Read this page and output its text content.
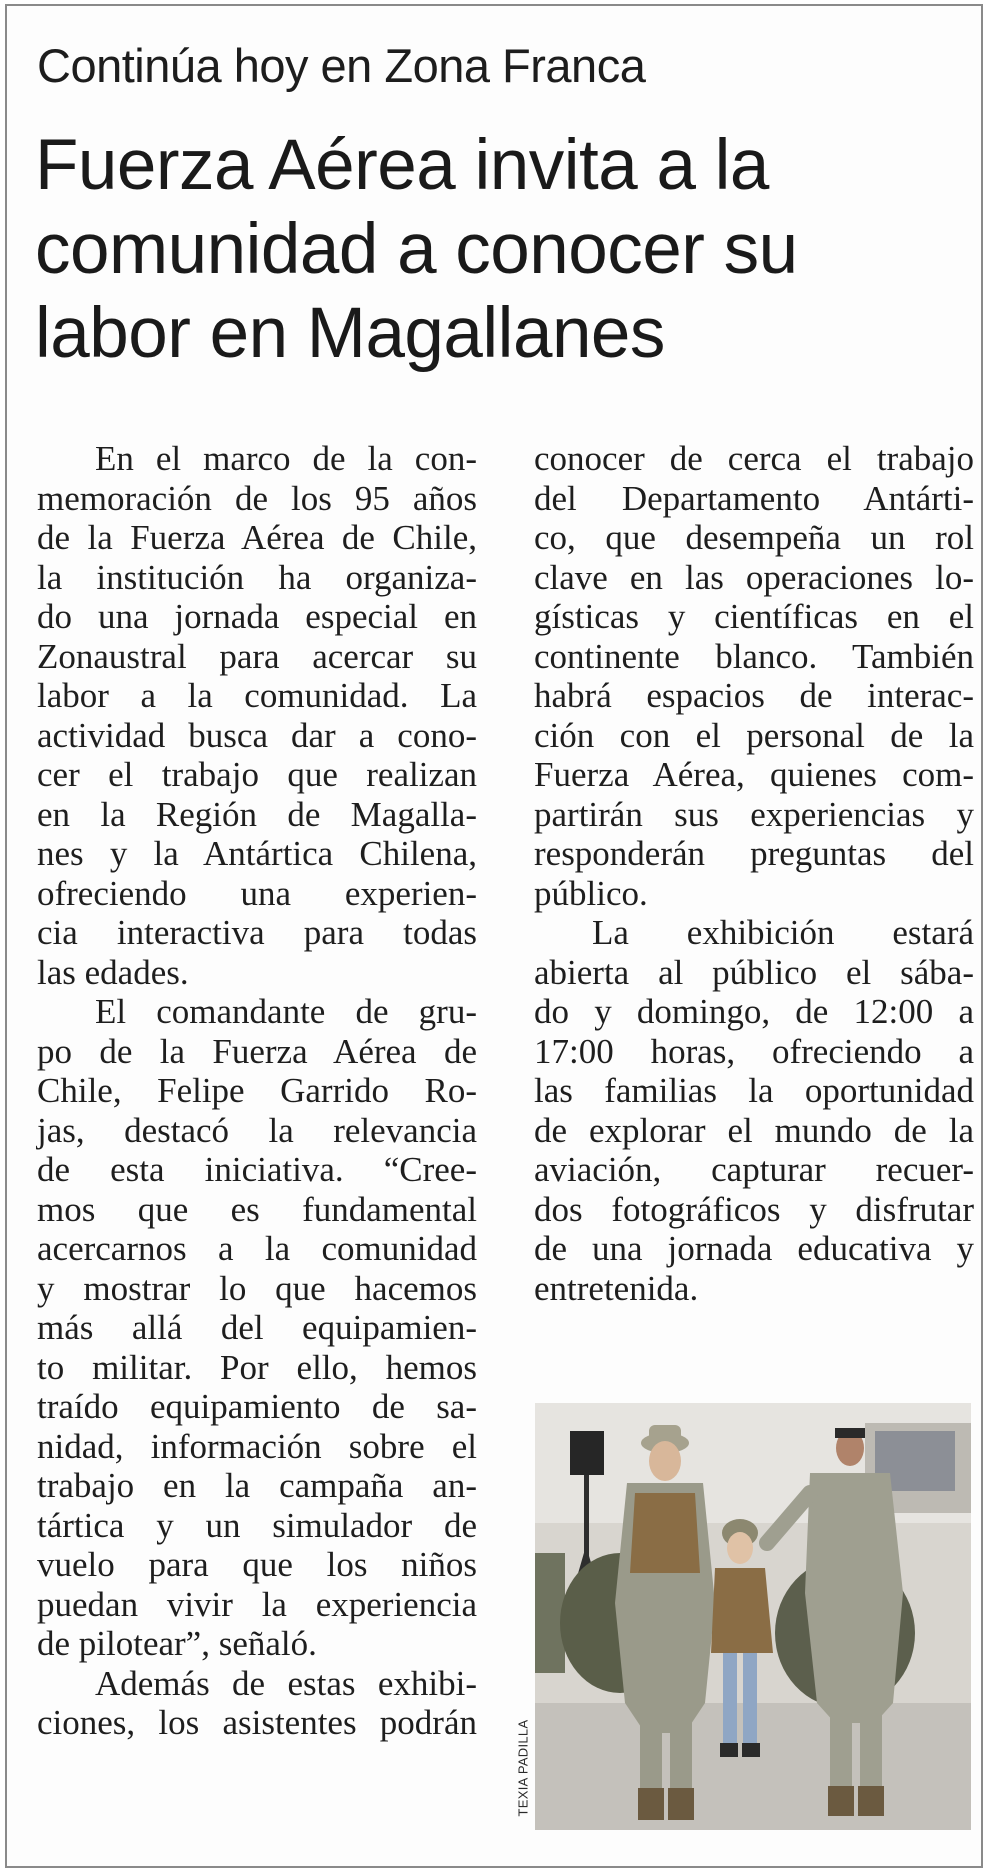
Continúa hoy en Zona Franca
Fuerza Aérea invita a la
comunidad a conocer su
labor en Magallanes
En el marco de la con-
memoración de los 95 años
de la Fuerza Aérea de Chile,
la institución ha organiza-
do una jornada especial en
Zonaustral para acercar su
labor a la comunidad. La
actividad busca dar a cono-
cer el trabajo que realizan
en la Región de Magalla-
nes y la Antártica Chilena,
ofreciendo una experien-
cia interactiva para todas
las edades.
El comandante de gru-
po de la Fuerza Aérea de
Chile, Felipe Garrido Ro-
jas, destacó la relevancia
de esta iniciativa. “Cree-
mos que es fundamental
acercarnos a la comunidad
y mostrar lo que hacemos
más allá del equipamien-
to militar. Por ello, hemos
traído equipamiento de sa-
nidad, información sobre el
trabajo en la campaña an-
tártica y un simulador de
vuelo para que los niños
puedan vivir la experiencia
de pilotear”, señaló.
Además de estas exhibi-
ciones, los asistentes podrán
conocer de cerca el trabajo
del Departamento Antárti-
co, que desempeña un rol
clave en las operaciones lo-
gísticas y científicas en el
continente blanco. También
habrá espacios de interac-
ción con el personal de la
Fuerza Aérea, quienes com-
partirán sus experiencias y
responderán preguntas del
público.
La exhibición estará
abierta al público el sába-
do y domingo, de 12:00 a
17:00 horas, ofreciendo a
las familias la oportunidad
de explorar el mundo de la
aviación, capturar recuer-
dos fotográficos y disfrutar
de una jornada educativa y
entretenida.
TEXIA PADILLA
